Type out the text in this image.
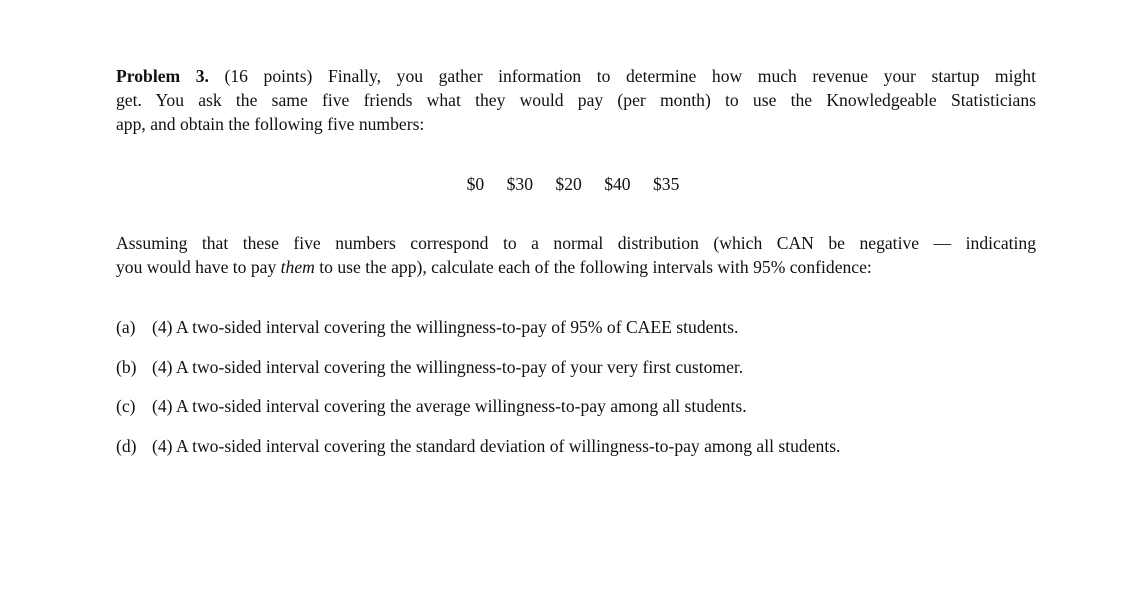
Problem 3. (16 points) Finally, you gather information to determine how much revenue your startup might
get. You ask the same five friends what they would pay (per month) to use the Knowledgeable Statisticians
app, and obtain the following five numbers:
$0 $30 $20 $40 $35
Assuming that these five numbers correspond to a normal distribution (which CAN be negative — indicating
you would have to pay them to use the app), calculate each of the following intervals with 95% confidence:
(a) (4) A two-sided interval covering the willingness-to-pay of 95% of CAEE students.
(b) (4) A two-sided interval covering the willingness-to-pay of your very first customer.
(c) (4) A two-sided interval covering the average willingness-to-pay among all students.
(d) (4) A two-sided interval covering the standard deviation of willingness-to-pay among all students.
